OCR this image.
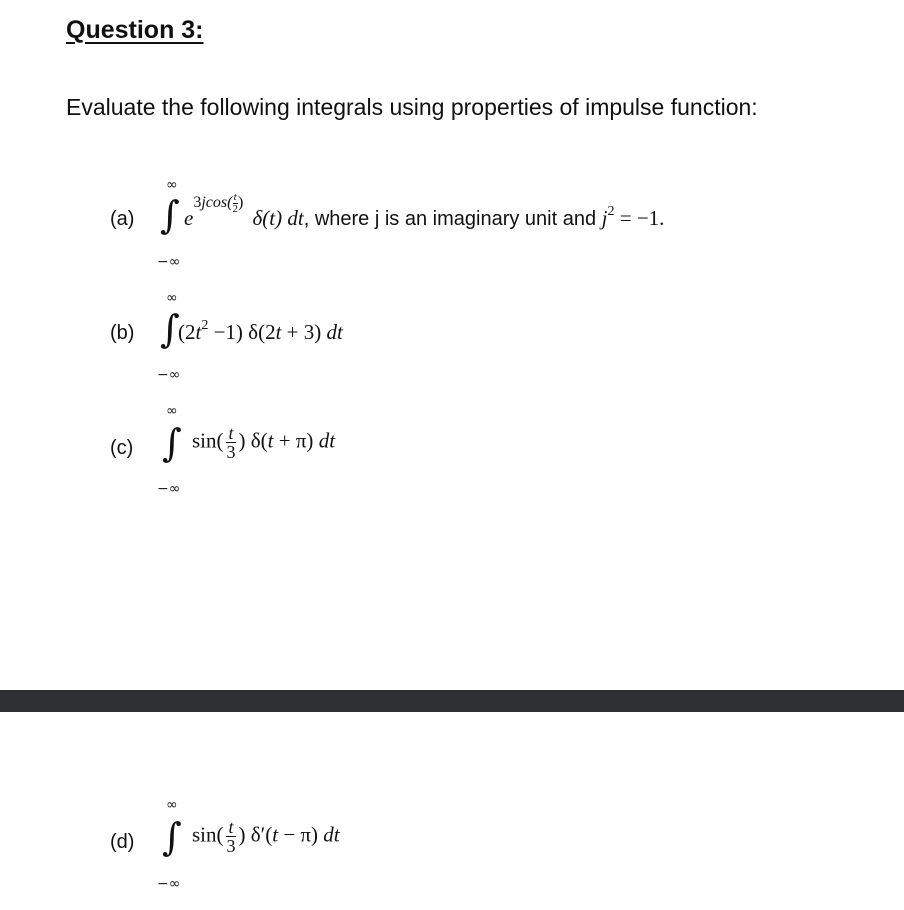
Question 3:
Evaluate the following integrals using properties of impulse function:
(a)
∞
∫
−∞
$e^{3jcos( \frac{t}{2} )}$ δ(t) dt, where j is an imaginary unit and $j^2 = -1$.
(b)
∞
∫
−∞
$(2t^2 -1) \delta(2t + 3)$ dt
(c)
∞
∫
−∞
$\sin( \frac{t}{3}$ ) δ(t + π) dt
(d)
∞
∫
−∞
$\sin( \frac{t}{3}$ ) δ′(t − π) dt
